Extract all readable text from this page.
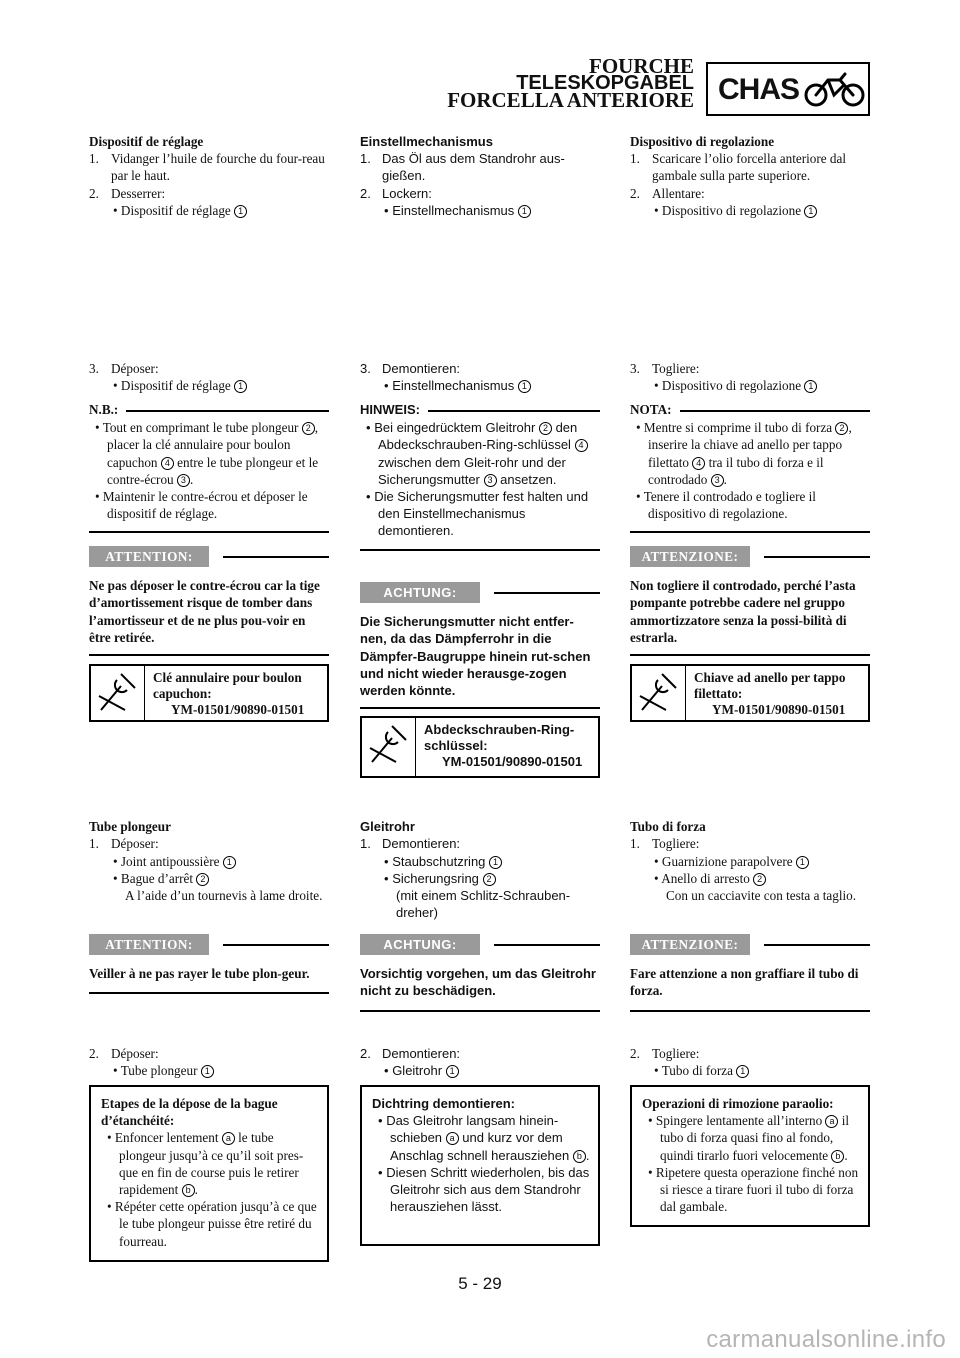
FOURCHE
TELESKOPGABEL
FORCELLA ANTERIORE CHAS
Dispositif de réglage
1. Vidanger l’huile de fourche du four-reau par le haut.
2. Desserrer:
• Dispositif de réglage 1
3. Déposer:
• Dispositif de réglage 1
N.B.:
• Tout en comprimant le tube plongeur 2 , placer la clé annulaire pour boulon capuchon 4 entre le tube plongeur et le contre-écrou 3 .
• Maintenir le contre-écrou et déposer le dispositif de réglage.
ATTENTION:
Ne pas déposer le contre-écrou car la tige d’amortissement risque de tomber dans l’amortisseur et de ne plus pou-voir en être retirée.
Clé annulaire pour boulon capuchon:
YM-01501/90890-01501
Tube plongeur
1. Déposer:
• Joint antipoussière 1
• Bague d’arrêt 2
A l’aide d’un tournevis à lame droite.
ATTENTION:
Veiller à ne pas rayer le tube plon-geur.
2. Déposer:
• Tube plongeur 1
Etapes de la dépose de la bague d’étanchéité:
• Enfoncer lentement a le tube plongeur jusqu’à ce qu’il soit pres-que en fin de course puis le retirer rapidement b .
• Répéter cette opération jusqu’à ce que le tube plongeur puisse être retiré du fourreau.
Einstellmechanismus
1. Das Öl aus dem Standrohr aus-gießen.
2. Lockern:
• Einstellmechanismus 1
3. Demontieren:
• Einstellmechanismus 1
HINWEIS:
• Bei eingedrücktem Gleitrohr 2 den Abdeckschrauben-Ring-schlüssel 4 zwischen dem Gleit-rohr und der Sicherungsmutter 3 ansetzen.
• Die Sicherungsmutter fest halten und den Einstellmechanismus demontieren.
ACHTUNG:
Die Sicherungsmutter nicht entfer-nen, da das Dämpferrohr in die Dämpfer-Baugruppe hinein rut-schen und nicht wieder herausge-zogen werden könnte.
Abdeckschrauben-Ring-schlüssel:
YM-01501/90890-01501
Gleitrohr
1. Demontieren:
• Staubschutzring 1
• Sicherungsring 2
(mit einem Schlitz-Schrauben-dreher)
ACHTUNG:
Vorsichtig vorgehen, um das Gleitrohr nicht zu beschädigen.
2. Demontieren:
• Gleitrohr 1
Dichtring demontieren:
• Das Gleitrohr langsam hinein-schieben a und kurz vor dem Anschlag schnell herausziehen b .
• Diesen Schritt wiederholen, bis das Gleitrohr sich aus dem Standrohr herausziehen lässt.
Dispositivo di regolazione
1. Scaricare l’olio forcella anteriore dal gambale sulla parte superiore.
2. Allentare:
• Dispositivo di regolazione 1
3. Togliere:
• Dispositivo di regolazione 1
NOTA:
• Mentre si comprime il tubo di forza 2 , inserire la chiave ad anello per tappo filettato 4 tra il tubo di forza e il controdado 3 .
• Tenere il controdado e togliere il dispositivo di regolazione.
ATTENZIONE:
Non togliere il controdado, perché l’asta pompante potrebbe cadere nel gruppo ammortizzatore senza la possi-bilità di estrarla.
Chiave ad anello per tappo filettato:
YM-01501/90890-01501
Tubo di forza
1. Togliere:
• Guarnizione parapolvere 1
• Anello di arresto 2
Con un cacciavite con testa a taglio.
ATTENZIONE:
Fare attenzione a non graffiare il tubo di forza.
2. Togliere:
• Tubo di forza 1
Operazioni di rimozione paraolio:
• Spingere lentamente all’interno a il tubo di forza quasi fino al fondo, quindi tirarlo fuori velocemente b .
• Ripetere questa operazione finché non si riesce a tirare fuori il tubo di forza dal gambale.
5 - 29
carmanualsonline.info
